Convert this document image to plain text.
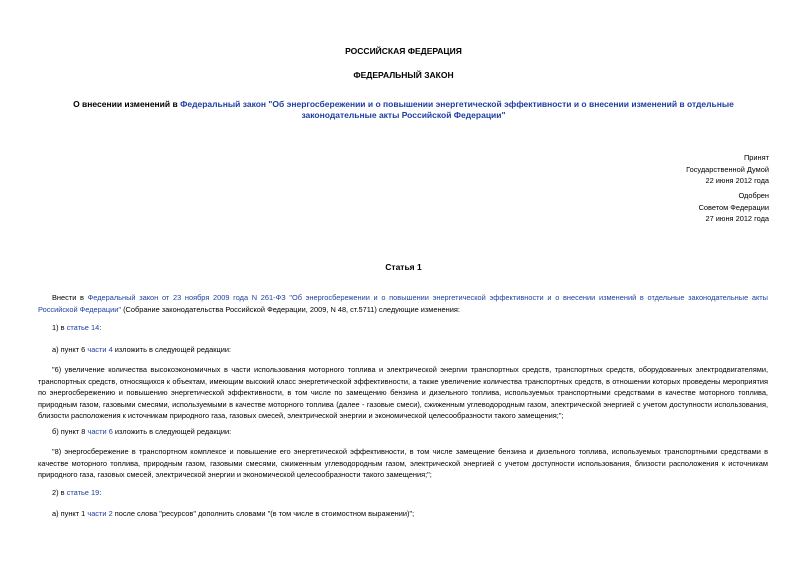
РОССИЙСКАЯ ФЕДЕРАЦИЯ
ФЕДЕРАЛЬНЫЙ ЗАКОН
О внесении изменений в Федеральный закон "Об энергосбережении и о повышении энергетической эффективности и о внесении изменений в отдельные законодательные акты Российской Федерации"
Принят
Государственной Думой
22 июня 2012 года
Одобрен
Советом Федерации
27 июня 2012 года
Статья 1
Внести в Федеральный закон от 23 ноября 2009 года N 261-ФЗ "Об энергосбережении и о повышении энергетической эффективности и о внесении изменений в отдельные законодательные акты Российской Федерации" (Собрание законодательства Российской Федерации, 2009, N 48, ст.5711) следующие изменения:
1) в статье 14:
а) пункт 6 части 4 изложить в следующей редакции:
"6) увеличение количества высокоэкономичных в части использования моторного топлива и электрической энергии транспортных средств, транспортных средств, оборудованных электродвигателями, транспортных средств, относящихся к объектам, имеющим высокий класс энергетической эффективности, а также увеличение количества транспортных средств, в отношении которых проведены мероприятия по энергосбережению и повышению энергетической эффективности, в том числе по замещению бензина и дизельного топлива, используемых транспортными средствами в качестве моторного топлива, природным газом, газовыми смесями, используемыми в качестве моторного топлива (далее - газовые смеси), сжиженным углеводородным газом, электрической энергией с учетом доступности использования, близости расположения к источникам природного газа, газовых смесей, электрической энергии и экономической целесообразности такого замещения;";
б) пункт 8 части 6 изложить в следующей редакции:
"8) энергосбережение в транспортном комплексе и повышение его энергетической эффективности, в том числе замещение бензина и дизельного топлива, используемых транспортными средствами в качестве моторного топлива, природным газом, газовыми смесями, сжиженным углеводородным газом, электрической энергией с учетом доступности использования, близости расположения к источникам природного газа, газовых смесей, электрической энергии и экономической целесообразности такого замещения;";
2) в статье 19:
а) пункт 1 части 2 после слова "ресурсов" дополнить словами "(в том числе в стоимостном выражении)";
